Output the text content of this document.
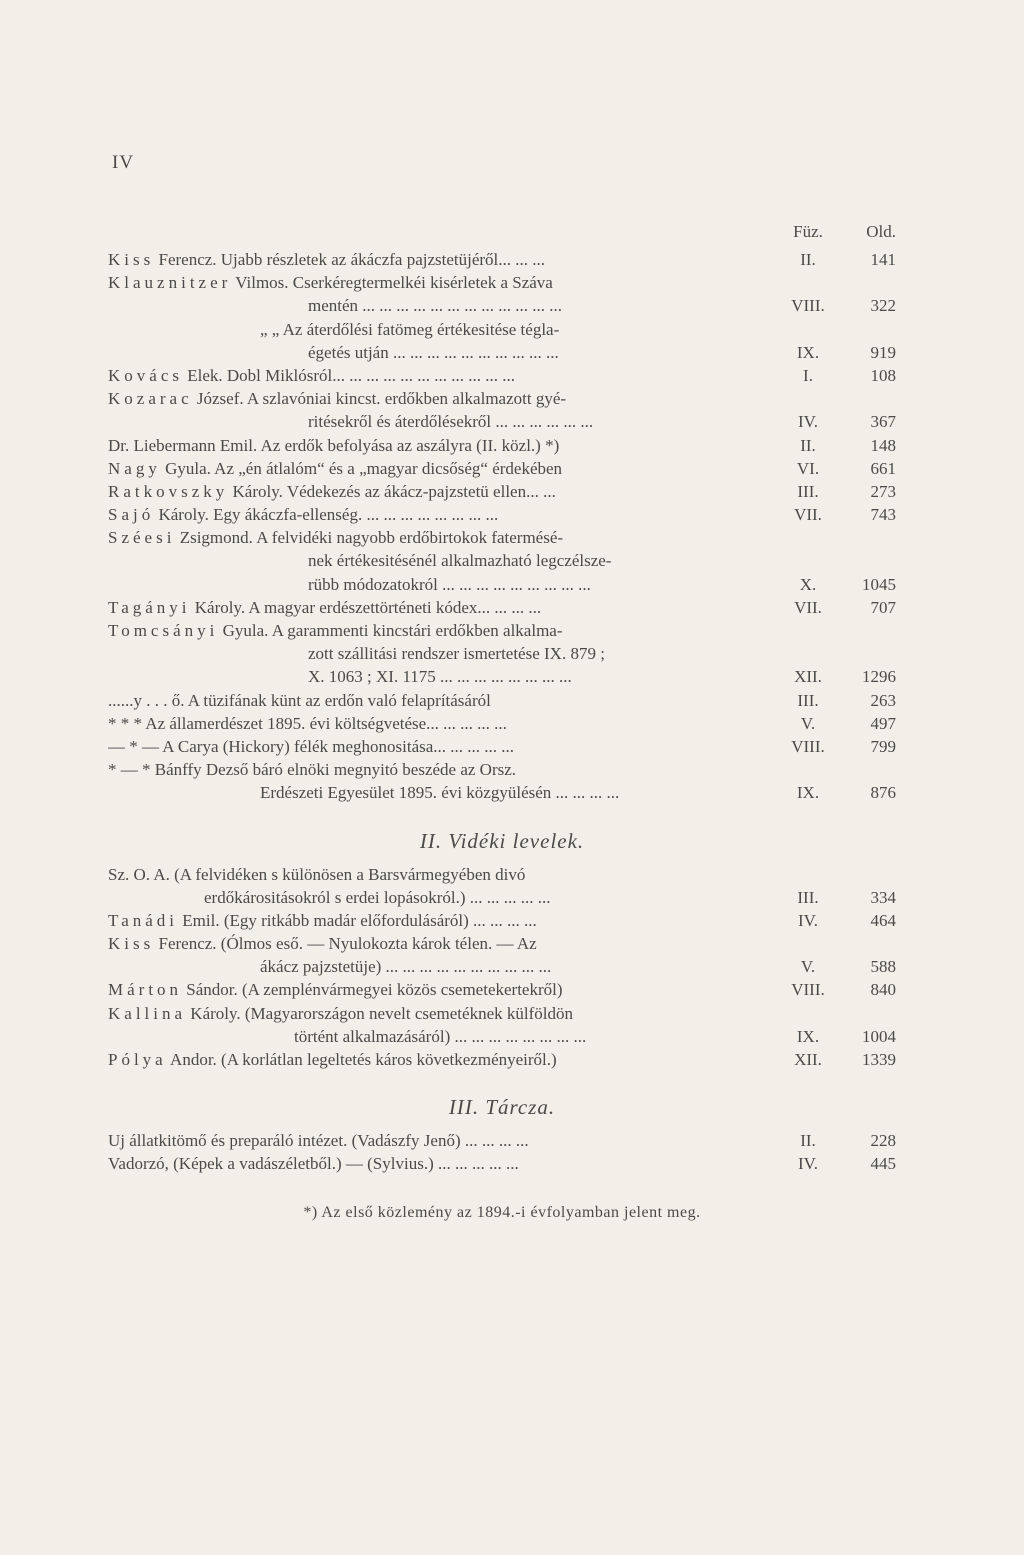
IV
Füz.	Old.
Kiss Ferencz. Ujabb részletek az ákáczfa pajzstetüjéről... ... ...	II.	141
Klauznitzer Vilmos. Cserkéregtermelkéi kisérletek a Száva
mentén ... ... ... ... ... ... ... ... ... ... ... ...	VIII.	322
„ „ Az áterdőlési fatömeg értékesitése tégla-
égetés utján ... ... ... ... ... ... ... ... ... ...	IX.	919
Kovács Elek. Dobl Miklósról... ... ... ... ... ... ... ... ... ... ...	I.	108
Kozarac József. A szlavóniai kincst. erdőkben alkalmazott gyé-
ritésekről és áterdőlésekről ... ... ... ... ... ...	IV.	367
Dr. Liebermann Emil. Az erdők befolyása az aszályra (II. közl.) *)	II.	148
Nagy Gyula. Az „én átlalóm“ és a „magyar dicsőség“ érdekében	VI.	661
Ratkovszky Károly. Védekezés az ákácz-pajzstetü ellen... ...	III.	273
Sajó Károly. Egy ákáczfa-ellenség. ... ... ... ... ... ... ... ...	VII.	743
Széesi Zsigmond. A felvidéki nagyobb erdőbirtokok fatermésé-
nek értékesitésénél alkalmazható legczélsze-
rübb módozatokról ... ... ... ... ... ... ... ... ...	X.	1045
Tagányi Károly. A magyar erdészettörténeti kódex... ... ... ...	VII.	707
Tomcsányi Gyula. A garammenti kincstári erdőkben alkalma-
zott szállitási rendszer ismertetése IX. 879 ;
X. 1063 ; XI. 1175 ... ... ... ... ... ... ... ...	XII.	1296
......y . . . ő. A tüzifának künt az erdőn való felaprításáról	III.	263
* * * Az államerdészet 1895. évi költségvetése... ... ... ... ...	V.	497
— * — A Carya (Hickory) félék meghonositása... ... ... ... ...	VIII.	799
* — * Bánffy Dezső báró elnöki megnyitó beszéde az Orsz.
Erdészeti Egyesület 1895. évi közgyülésén ... ... ... ...	IX.	876
II. Vidéki levelek.
Sz. O. A. (A felvidéken s különösen a Barsvármegyében divó
erdőkárositásokról s erdei lopásokról.) ... ... ... ... ...	III.	334
Tanádi Emil. (Egy ritkább madár előfordulásáról) ... ... ... ...	IV.	464
Kiss Ferencz. (Ólmos eső. — Nyulokozta károk télen. — Az
ákácz pajzstetüje) ... ... ... ... ... ... ... ... ... ...	V.	588
Márton Sándor. (A zemplénvármegyei közös csemetekertekről)	VIII.	840
Kallina Károly. (Magyarországon nevelt csemetéknek külföldön
történt alkalmazásáról) ... ... ... ... ... ... ... ...	IX.	1004
Pólya Andor. (A korlátlan legeltetés káros következményeiről.)	XII.	1339
III. Tárcza.
Uj állatkitömő és preparáló intézet. (Vadászfy Jenő) ... ... ... ...	II.	228
Vadorzó, (Képek a vadászéletből.) — (Sylvius.) ... ... ... ... ...	IV.	445
*) Az első közlemény az 1894.-i évfolyamban jelent meg.
